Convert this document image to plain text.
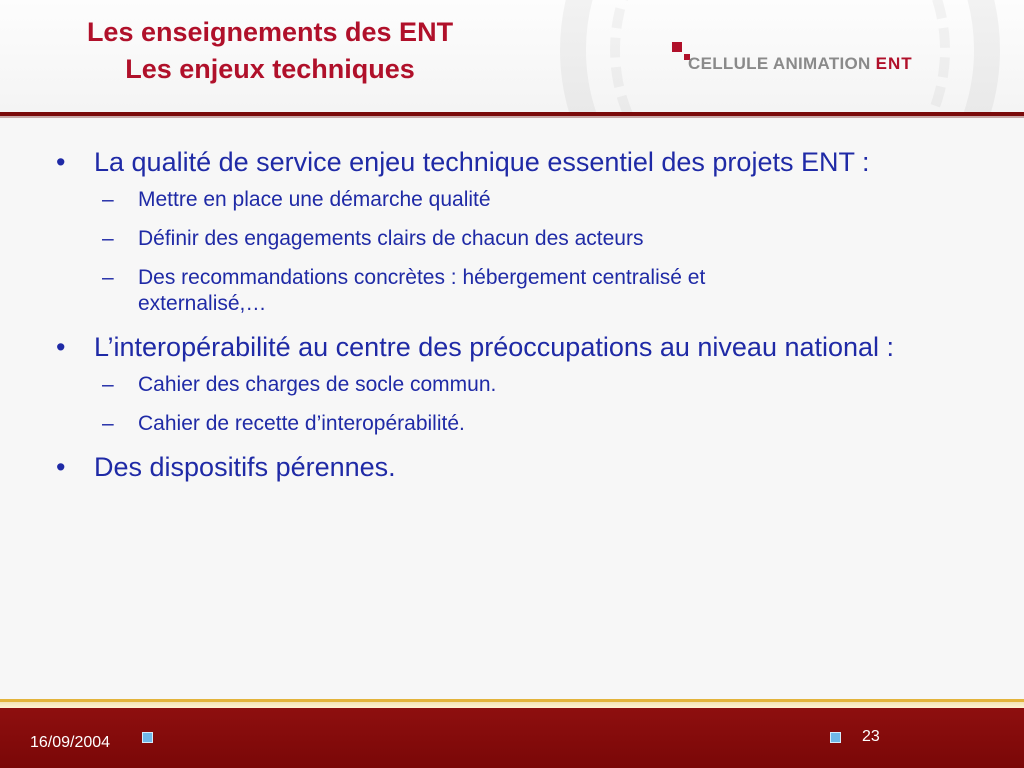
Les enseignements des ENT
Les enjeux techniques	CELLULE ANIMATION ENT
• La qualité de service enjeu technique essentiel des projets ENT :
– Mettre en place une démarche qualité
– Définir des engagements clairs de chacun des acteurs
– Des recommandations concrètes : hébergement centralisé et externalisé,…
• L’interopérabilité au centre des préoccupations au niveau national :
– Cahier des charges de socle commun.
– Cahier de recette d’interopérabilité.
• Des dispositifs pérennes.
16/09/2004	23
